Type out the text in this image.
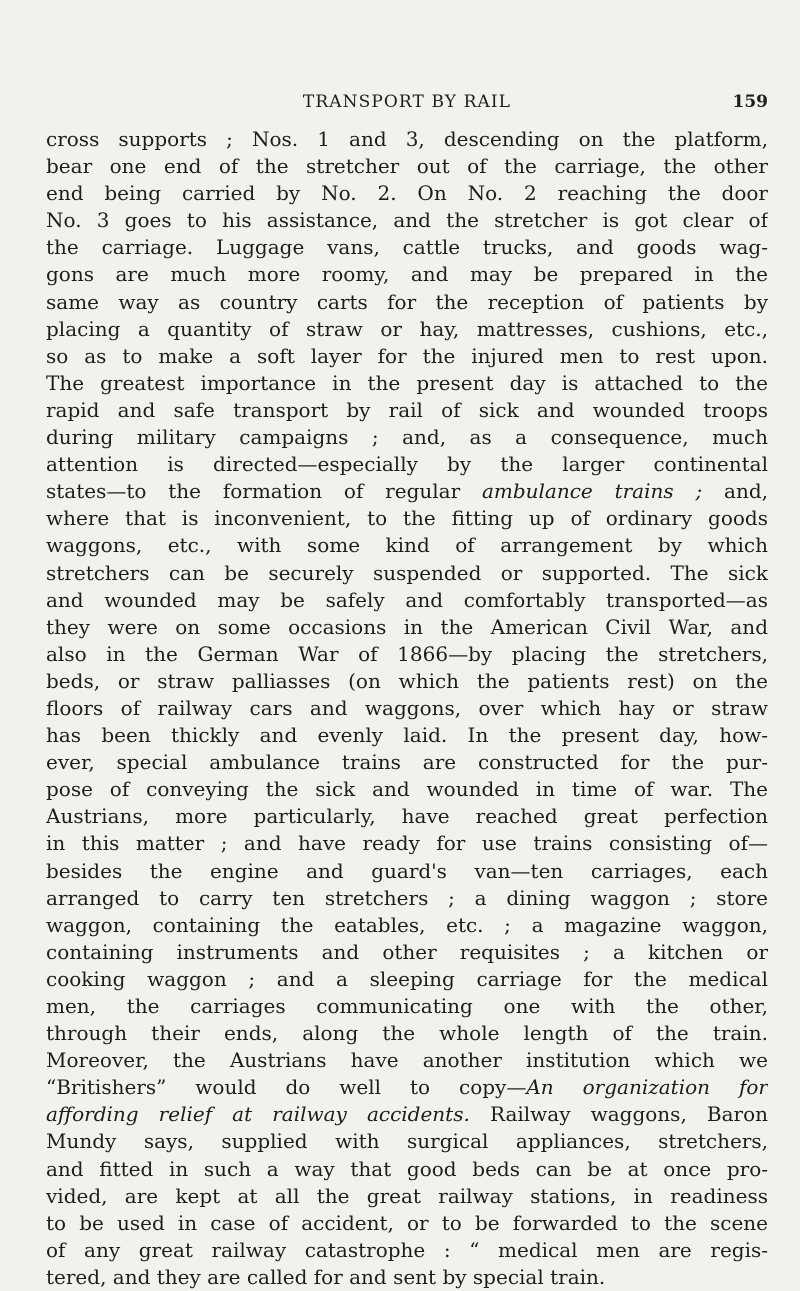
TRANSPORT BY RAIL	159
cross supports ; Nos. 1 and 3, descending on the platform,
bear one end of the stretcher out of the carriage, the other
end being carried by No. 2. On No. 2 reaching the door
No. 3 goes to his assistance, and the stretcher is got clear of
the carriage. Luggage vans, cattle trucks, and goods wag-
gons are much more roomy, and may be prepared in the
same way as country carts for the reception of patients by
placing a quantity of straw or hay, mattresses, cushions, etc.,
so as to make a soft layer for the injured men to rest upon.
The greatest importance in the present day is attached to the
rapid and safe transport by rail of sick and wounded troops
during military campaigns ; and, as a consequence, much
attention is directed—especially by the larger continental
states—to the formation of regular ambulance trains ; and,
where that is inconvenient, to the fitting up of ordinary goods
waggons, etc., with some kind of arrangement by which
stretchers can be securely suspended or supported. The sick
and wounded may be safely and comfortably transported—as
they were on some occasions in the American Civil War, and
also in the German War of 1866—by placing the stretchers,
beds, or straw palliasses (on which the patients rest) on the
floors of railway cars and waggons, over which hay or straw
has been thickly and evenly laid. In the present day, how-
ever, special ambulance trains are constructed for the pur-
pose of conveying the sick and wounded in time of war. The
Austrians, more particularly, have reached great perfection
in this matter ; and have ready for use trains consisting of—
besides the engine and guard's van—ten carriages, each
arranged to carry ten stretchers ; a dining waggon ; store
waggon, containing the eatables, etc. ; a magazine waggon,
containing instruments and other requisites ; a kitchen or
cooking waggon ; and a sleeping carriage for the medical
men, the carriages communicating one with the other,
through their ends, along the whole length of the train.
Moreover, the Austrians have another institution which we
“Britishers” would do well to copy—An organization for
affording relief at railway accidents. Railway waggons, Baron
Mundy says, supplied with surgical appliances, stretchers,
and fitted in such a way that good beds can be at once pro-
vided, are kept at all the great railway stations, in readiness
to be used in case of accident, or to be forwarded to the scene
of any great railway catastrophe : “ medical men are regis-
tered, and they are called for and sent by special train.
